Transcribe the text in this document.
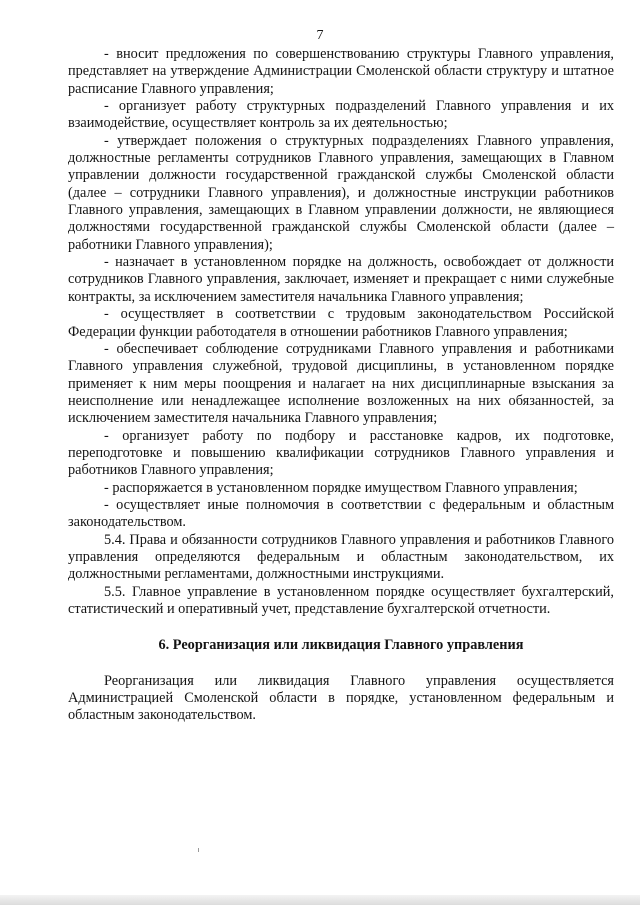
7

- вносит предложения по совершенствованию структуры Главного управления, представляет на утверждение Администрации Смоленской области структуру и штатное расписание Главного управления;

- организует работу структурных подразделений Главного управления и их взаимодействие, осуществляет контроль за их деятельностью;

- утверждает положения о структурных подразделениях Главного управления, должностные регламенты сотрудников Главного управления, замещающих в Главном управлении должности государственной гражданской службы Смоленской области (далее – сотрудники Главного управления), и должностные инструкции работников Главного управления, замещающих в Главном управлении должности, не являющиеся должностями государственной гражданской службы Смоленской области (далее – работники Главного управления);

- назначает в установленном порядке на должность, освобождает от должности сотрудников Главного управления, заключает, изменяет и прекращает с ними служебные контракты, за исключением заместителя начальника Главного управления;

- осуществляет в соответствии с трудовым законодательством Российской Федерации функции работодателя в отношении работников Главного управления;

- обеспечивает соблюдение сотрудниками Главного управления и работниками Главного управления служебной, трудовой дисциплины, в установленном порядке применяет к ним меры поощрения и налагает на них дисциплинарные взыскания за неисполнение или ненадлежащее исполнение возложенных на них обязанностей, за исключением заместителя начальника Главного управления;

- организует работу по подбору и расстановке кадров, их подготовке, переподготовке и повышению квалификации сотрудников Главного управления и работников Главного управления;

- распоряжается в установленном порядке имуществом Главного управления;

- осуществляет иные полномочия в соответствии с федеральным и областным законодательством.

5.4. Права и обязанности сотрудников Главного управления и работников Главного управления определяются федеральным и областным законодательством, их должностными регламентами, должностными инструкциями.

5.5. Главное управление в установленном порядке осуществляет бухгалтерский, статистический и оперативный учет, представление бухгалтерской отчетности.

6. Реорганизация или ликвидация Главного управления

Реорганизация или ликвидация Главного управления осуществляется Администрацией Смоленской области в порядке, установленном федеральным и областным законодательством.
